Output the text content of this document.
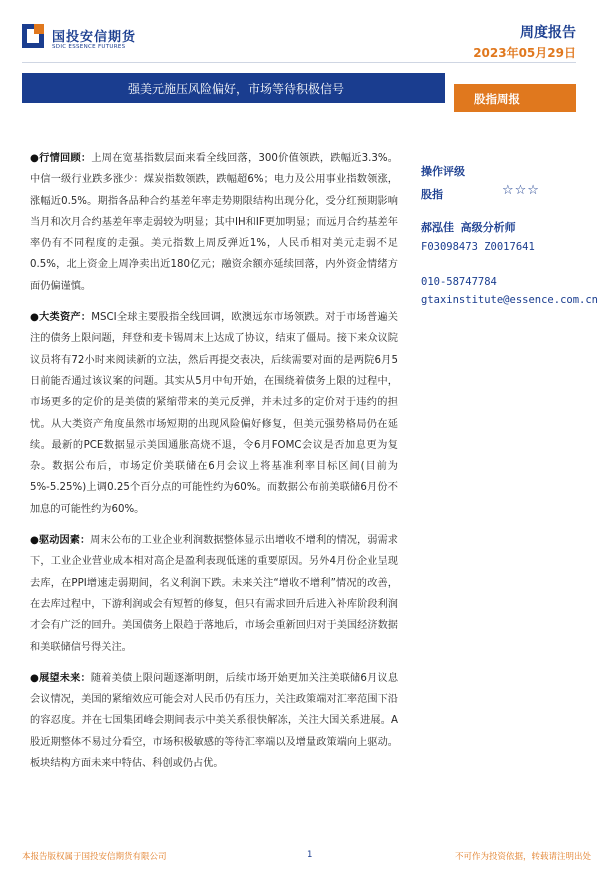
国投安信期货
SDIC ESSENCE FUTURES
周度报告
2023年05月29日
强美元施压风险偏好，市场等待积极信号
股指周报

●行情回顾：上周在宽基指数层面来看全线回落，300价值领跌，跌幅近3.3%。中信一级行业跌多涨少：煤炭指数领跌，跌幅超6%；电力及公用事业指数领涨，涨幅近0.5%。期指各品种合约基差年率走势期限结构出现分化，受分红预期影响当月和次月合约基差年率走弱较为明显；其中IH和IF更加明显；而远月合约基差年率仍有不同程度的走强。美元指数上周反弹近1%，人民币相对美元走弱不足0.5%，北上资金上周净卖出近180亿元；融资余额亦延续回落，内外资金情绪方面仍偏谨慎。

●大类资产：MSCI全球主要股指全线回调，欧澳远东市场领跌。对于市场普遍关注的债务上限问题，拜登和麦卡锡周末上达成了协议，结束了僵局。接下来众议院议员将有72小时来阅读新的立法，然后再提交表决，后续需要对面的是两院6月5日前能否通过该议案的问题。其实从5月中旬开始，在围绕着债务上限的过程中，市场更多的定价的是美债的紧缩带来的美元反弹，并未过多的定价对于违约的担忧。从大类资产角度虽然市场短期的出现风险偏好修复，但美元强势格局仍在延续。最新的PCE数据显示美国通胀高烧不退，令6月FOMC会议是否加息更为复杂。数据公布后，市场定价美联储在6月会议上将基准利率目标区间(目前为5%-5.25%)上调0.25个百分点的可能性约为60%。而数据公布前美联储6月份不加息的可能性约为60%。

●驱动因素：周末公布的工业企业利润数据整体显示出增收不增利的情况，弱需求下，工业企业营业成本相对高企是盈利表现低迷的重要原因。另外4月份企业呈现去库，在PPI增速走弱期间，名义利润下跌。未来关注“增收不增利”情况的改善，在去库过程中，下游利润或会有短暂的修复，但只有需求回升后进入补库阶段利润才会有广泛的回升。美国债务上限趋于落地后，市场会重新回归对于美国经济数据和美联储信号得关注。

●展望未来：随着美债上限问题逐渐明朗，后续市场开始更加关注美联储6月议息会议情况，美国的紧缩效应可能会对人民币仍有压力，关注政策端对汇率范围下沿的容忍度。并在七国集团峰会期间表示中美关系很快解冻，关注大国关系进展。A股近期整体不易过分看空，市场积极敏感的等待汇率端以及增量政策端向上驱动。板块结构方面未来中特估、科创或仍占优。

操作评级
股指	☆☆☆
郝泓佳 高级分析师
F03098473 Z0017641
010-58747784
gtaxinstitute@essence.com.cn
本报告版权属于国投安信期货有限公司	1	不可作为投资依据，转载请注明出处
